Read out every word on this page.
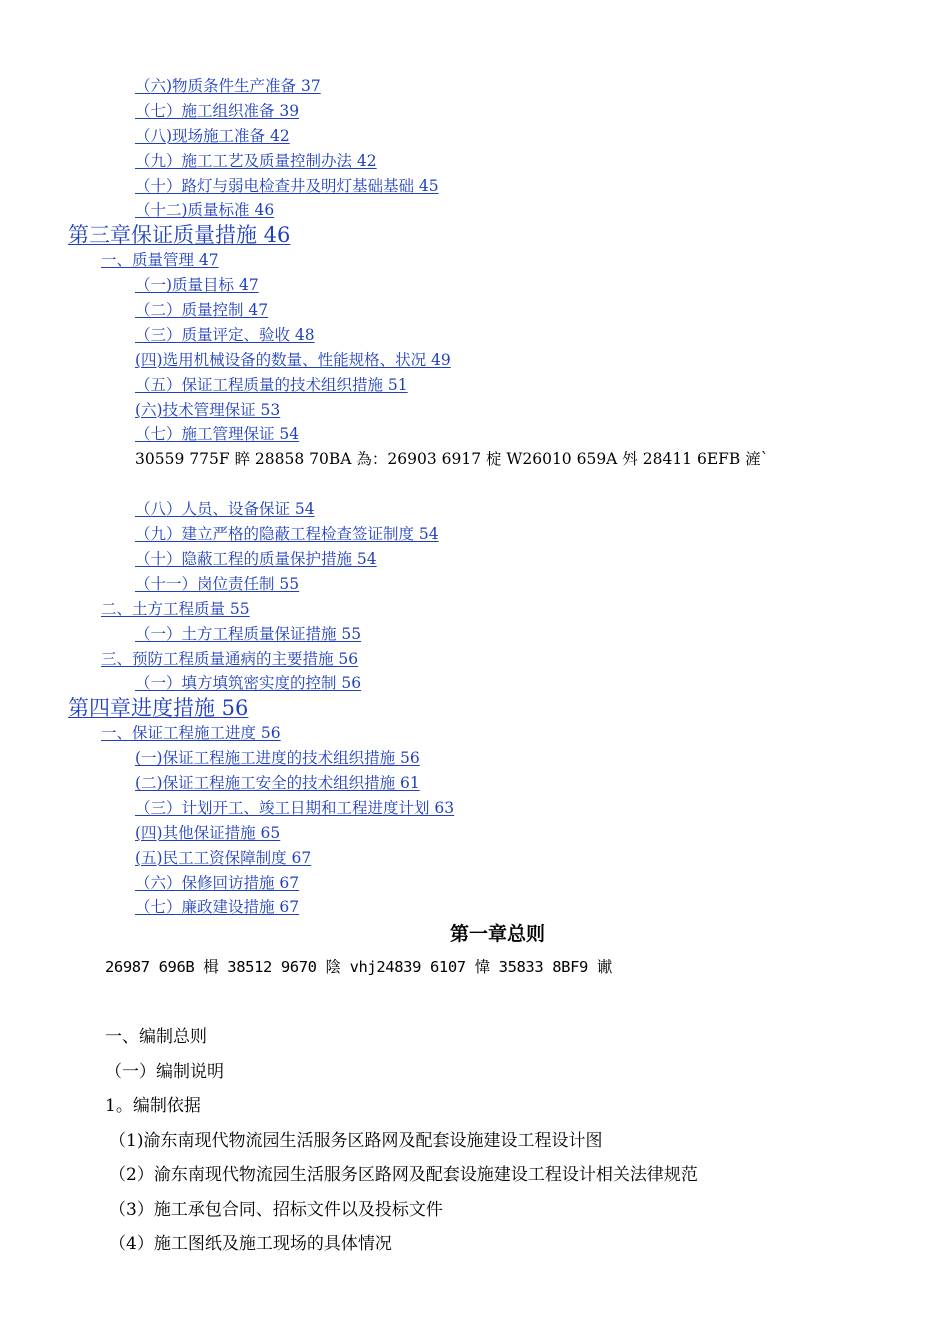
（六)物质条件生产准备 37
（七）施工组织准备 39
（八)现场施工准备 42
（九）施工工艺及质量控制办法 42
（十）路灯与弱电检查井及明灯基础基础 45
（十二)质量标准 46
第三章保证质量措施 46
一、质量管理 47
（一)质量目标 47
（二）质量控制 47
（三）质量评定、验收 48
(四)选用机械设备的数量、性能规格、状况 49
（五）保证工程质量的技术组织措施 51
(六)技术管理保证 53
（七）施工管理保证 54
30559 775F 睟 28858 70BA 為：26903 6917 椗 W26010 659A 斘 28411 6EFB 滻`
（八）人员、设备保证 54
（九）建立严格的隐蔽工程检查签证制度 54
（十）隐蔽工程的质量保护措施 54
（十一）岗位责任制 55
二、土方工程质量 55
（一）土方工程质量保证措施 55
三、预防工程质量通病的主要措施 56
（一）填方填筑密实度的控制 56
第四章进度措施 56
一、保证工程施工进度 56
(一)保证工程施工进度的技术组织措施 56
(二)保证工程施工安全的技术组织措施 61
（三）计划开工、竣工日期和工程进度计划 63
(四)其他保证措施 65
(五)民工工资保障制度 67
（六）保修回访措施 67
（七）廉政建设措施 67
第一章总则
26987 696B 楫 38512 9670 陰 vhj24839 6107 愇 35833 8BF9 谳
一、编制总则
（一）编制说明
1。编制依据
（1)渝东南现代物流园生活服务区路网及配套设施建设工程设计图
（2）渝东南现代物流园生活服务区路网及配套设施建设工程设计相关法律规范
（3）施工承包合同、招标文件以及投标文件
（4）施工图纸及施工现场的具体情况
